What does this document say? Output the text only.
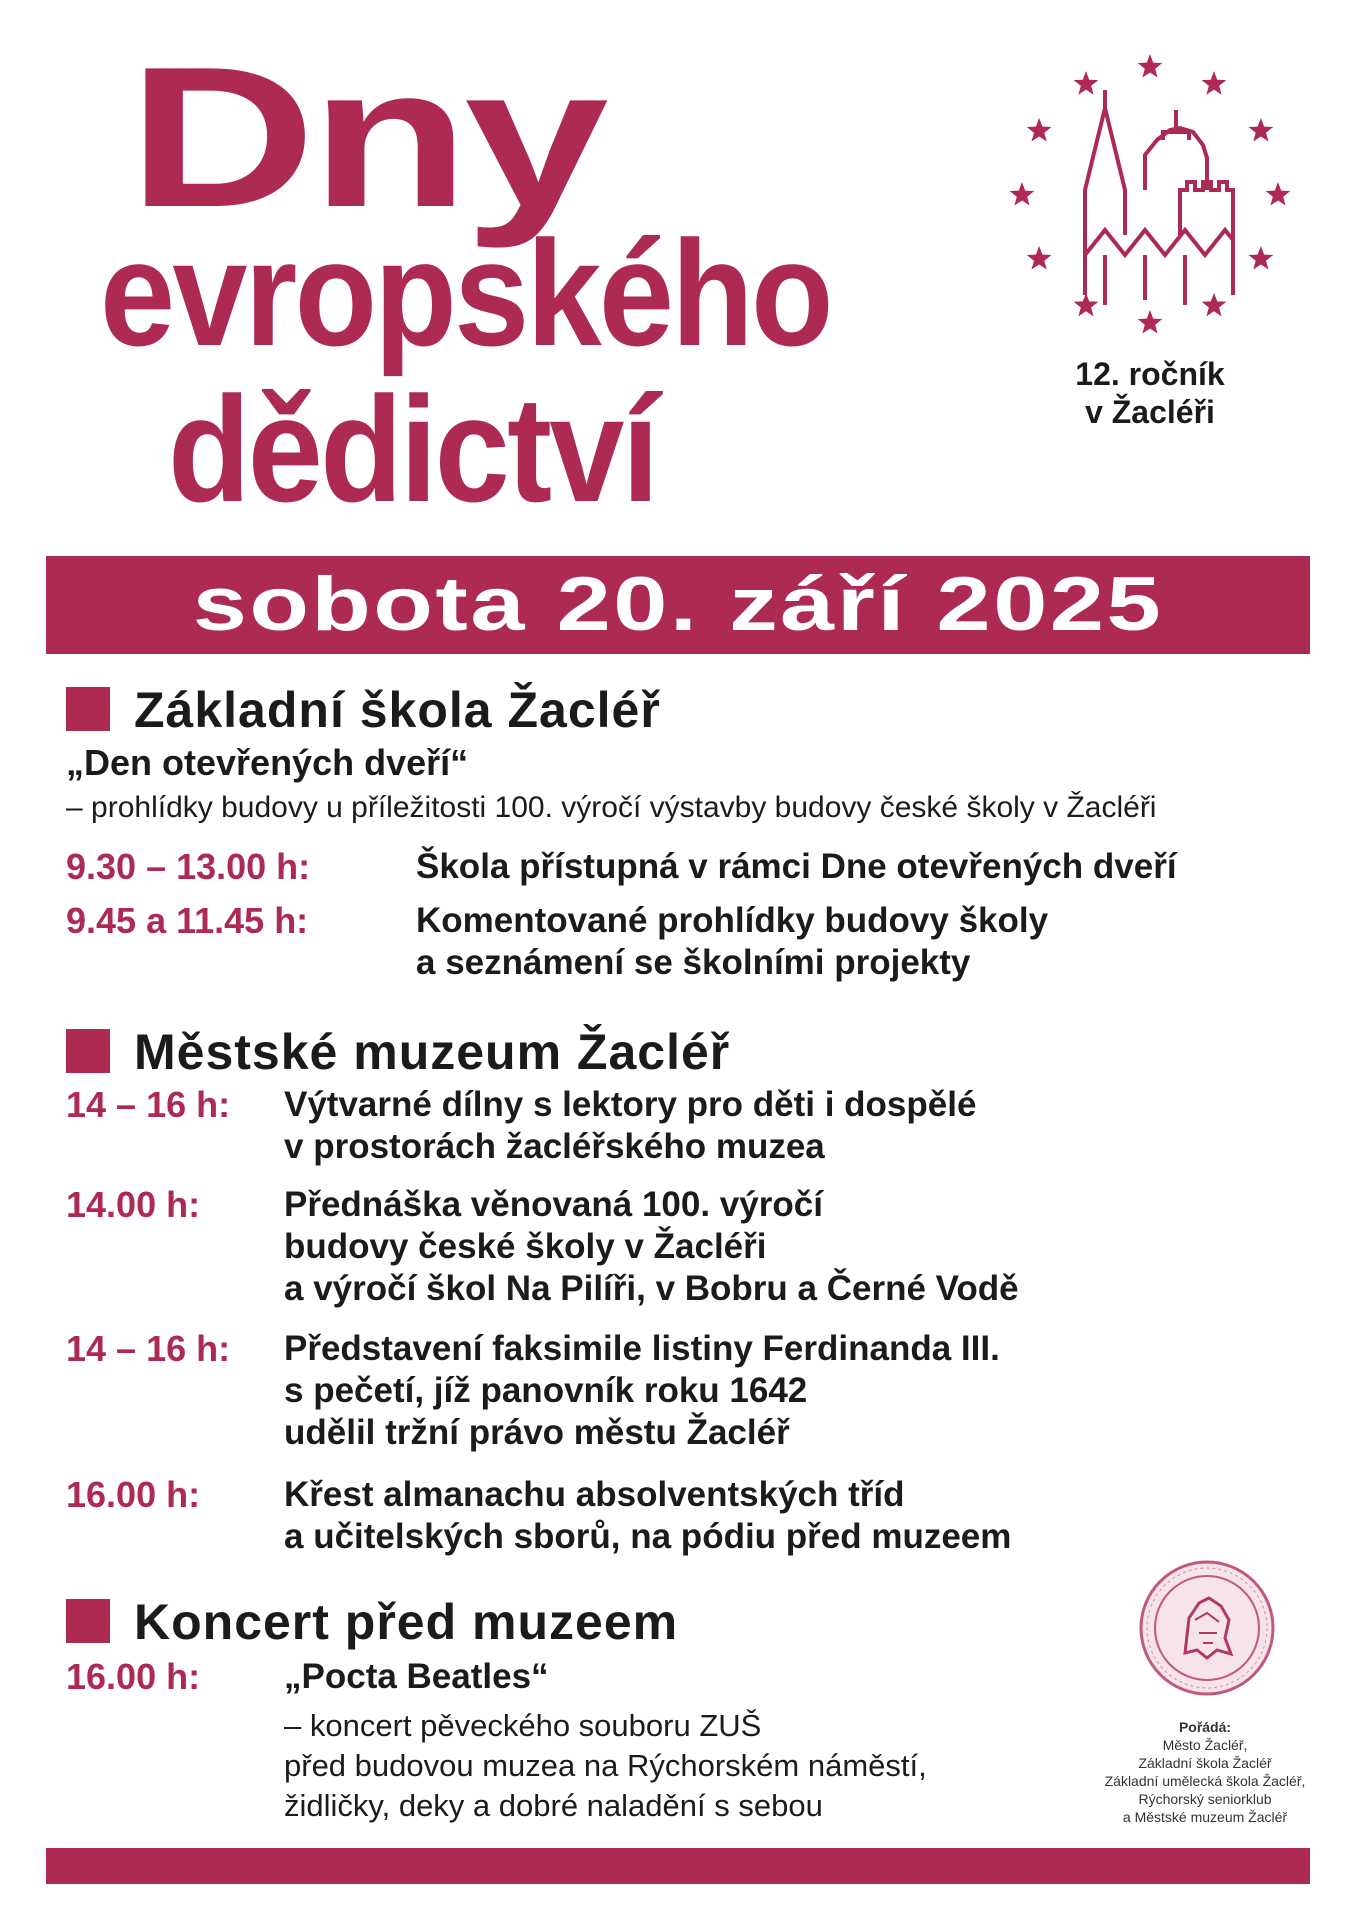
Dny
evropského
dědictví	12. ročník
v Žacléři
sobota 20. září 2025
Základní škola Žacléř
„Den otevřených dveří“
– prohlídky budovy u příležitosti 100. výročí výstavby budovy české školy v Žacléři
9.30 – 13.00 h:	Škola přístupná v rámci Dne otevřených dveří
9.45 a 11.45 h:	Komentované prohlídky budovy školy
a seznámení se školními projekty
Městské muzeum Žacléř
14 – 16 h: Výtvarné dílny s lektory pro děti i dospělé
v prostorách žacléřského muzea
14.00 h: Přednáška věnovaná 100. výročí
budovy české školy v Žacléři
a výročí škol Na Pilíři, v Bobru a Černé Vodě
14 – 16 h: Představení faksimile listiny Ferdinanda III.
s pečetí, jíž panovník roku 1642
udělil tržní právo městu Žacléř
16.00 h: Křest almanachu absolventských tříd
a učitelských sborů, na pódiu před muzeem
Koncert před muzeem
16.00 h: „Pocta Beatles“
– koncert pěveckého souboru ZUŠ
před budovou muzea na Rýchorském náměstí,
židličky, deky a dobré naladění s sebou
Pořádá:
Město Žacléř,
Základní škola Žacléř
Základní umělecká škola Žacléř,
Rýchorský seniorklub
a Městské muzeum Žacléř
